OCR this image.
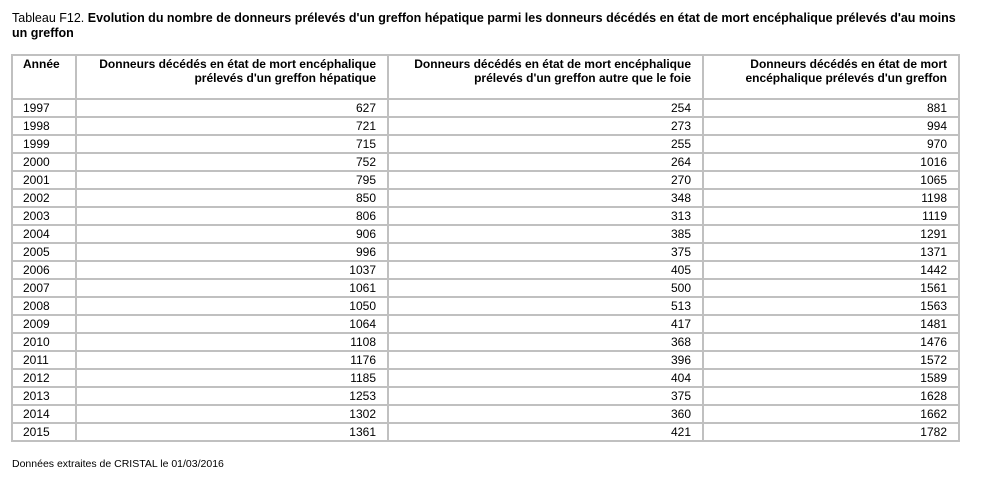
Tableau F12. Evolution du nombre de donneurs prélevés d'un greffon hépatique parmi les donneurs décédés en état de mort encéphalique prélevés d'au moins un greffon

Année	Donneurs décédés en état de mort encéphalique prélevés d'un greffon hépatique	Donneurs décédés en état de mort encéphalique prélevés d'un greffon autre que le foie	Donneurs décédés en état de mort encéphalique prélevés d'un greffon
1997	627	254	881
1998	721	273	994
1999	715	255	970
2000	752	264	1016
2001	795	270	1065
2002	850	348	1198
2003	806	313	1119
2004	906	385	1291
2005	996	375	1371
2006	1037	405	1442
2007	1061	500	1561
2008	1050	513	1563
2009	1064	417	1481
2010	1108	368	1476
2011	1176	396	1572
2012	1185	404	1589
2013	1253	375	1628
2014	1302	360	1662
2015	1361	421	1782

Données extraites de CRISTAL le 01/03/2016
